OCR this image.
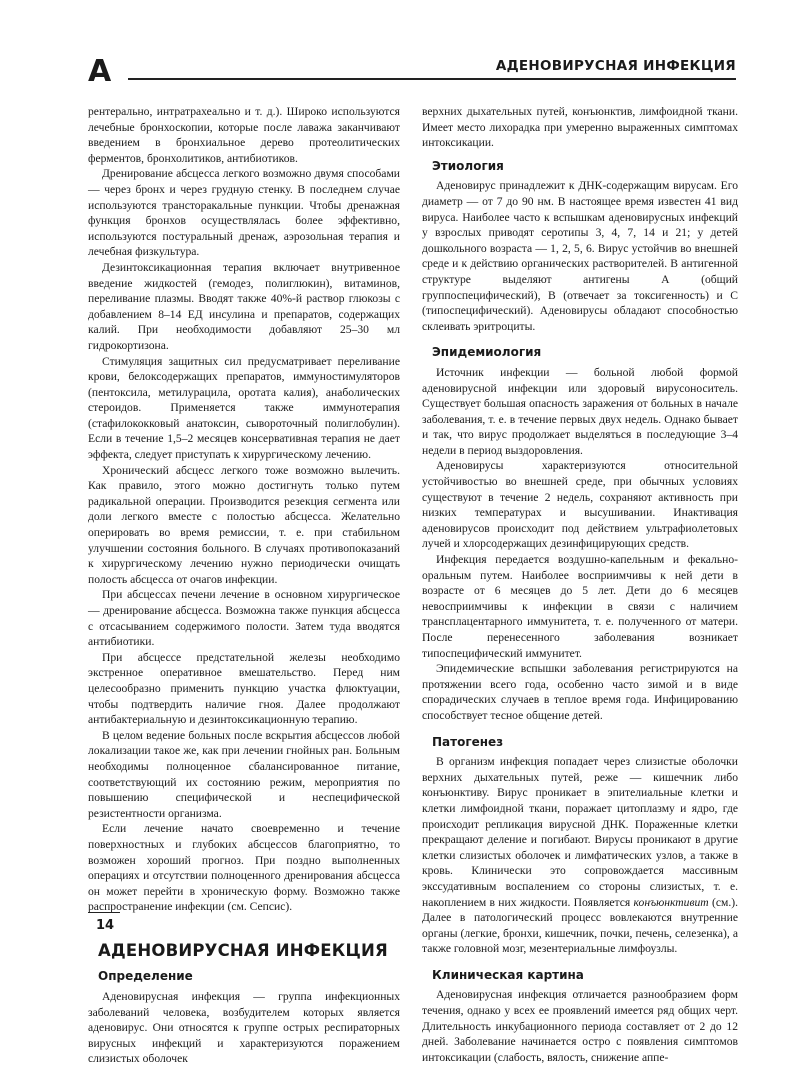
А	АДЕНОВИРУСНАЯ ИНФЕКЦИЯ

рентерально, интратрахеально и т. д.). Широко используются лечебные бронхоскопии, которые после лаважа заканчивают введением в бронхиальное дерево протеолитических ферментов, бронхолитиков, антибиотиков.

Дренирование абсцесса легкого возможно двумя способами — через бронх и через грудную стенку. В последнем случае используются трансторакальные пункции. Чтобы дренажная функция бронхов осуществлялась более эффективно, используются постуральный дренаж, аэрозольная терапия и лечебная физкультура.

Дезинтоксикационная терапия включает внутривенное введение жидкостей (гемодез, полиглюкин), витаминов, переливание плазмы. Вводят также 40%-й раствор глюкозы с добавлением 8–14 ЕД инсулина и препаратов, содержащих калий. При необходимости добавляют 25–30 мл гидрокортизона.

Стимуляция защитных сил предусматривает переливание крови, белоксодержащих препаратов, иммуностимуляторов (пентоксила, метилурацила, оротата калия), анаболических стероидов. Применяется также иммунотерапия (стафилококковый анатоксин, сывороточный полиглобулин). Если в течение 1,5–2 месяцев консервативная терапия не дает эффекта, следует приступать к хирургическому лечению.

Хронический абсцесс легкого тоже возможно вылечить. Как правило, этого можно достигнуть только путем радикальной операции. Производится резекция сегмента или доли легкого вместе с полостью абсцесса. Желательно оперировать во время ремиссии, т. е. при стабильном улучшении состояния больного. В случаях противопоказаний к хирургическому лечению нужно периодически очищать полость абсцесса от очагов инфекции.

При абсцессах печени лечение в основном хирургическое — дренирование абсцесса. Возможна также пункция абсцесса с отсасыванием содержимого полости. Затем туда вводятся антибиотики.

При абсцессе предстательной железы необходимо экстренное оперативное вмешательство. Перед ним целесообразно применить пункцию участка флюктуации, чтобы подтвердить наличие гноя. Далее продолжают антибактериальную и дезинтоксикационную терапию.

В целом ведение больных после вскрытия абсцессов любой локализации такое же, как при лечении гнойных ран. Больным необходимы полноценное сбалансированное питание, соответствующий их состоянию режим, мероприятия по повышению специфической и неспецифической резистентности организма.

Если лечение начато своевременно и течение поверхностных и глубоких абсцессов благоприятно, то возможен хороший прогноз. При поздно выполненных операциях и отсутствии полноценного дренирования абсцесса он может перейти в хроническую форму. Возможно также распространение инфекции (см. Сепсис).

АДЕНОВИРУСНАЯ ИНФЕКЦИЯ
Определение

Аденовирусная инфекция — группа инфекционных заболеваний человека, возбудителем которых является аденовирус. Они относятся к группе острых респираторных вирусных инфекций и характеризуются поражением слизистых оболочек

верхних дыхательных путей, конъюнктив, лимфоидной ткани. Имеет место лихорадка при умеренно выраженных симптомах интоксикации.

Этиология

Аденовирус принадлежит к ДНК-содержащим вирусам. Его диаметр — от 7 до 90 нм. В настоящее время известен 41 вид вируса. Наиболее часто к вспышкам аденовирусных инфекций у взрослых приводят серотипы 3, 4, 7, 14 и 21; у детей дошкольного возраста — 1, 2, 5, 6. Вирус устойчив во внешней среде и к действию органических растворителей. В антигенной структуре выделяют антигены А (общий группоспецифический), В (отвечает за токсигенность) и С (типоспецифический). Аденовирусы обладают способностью склеивать эритроциты.

Эпидемиология

Источник инфекции — больной любой формой аденовирусной инфекции или здоровый вирусоноситель. Существует большая опасность заражения от больных в начале заболевания, т. е. в течение первых двух недель. Однако бывает и так, что вирус продолжает выделяться в последующие 3–4 недели в период выздоровления.

Аденовирусы характеризуются относительной устойчивостью во внешней среде, при обычных условиях существуют в течение 2 недель, сохраняют активность при низких температурах и высушивании. Инактивация аденовирусов происходит под действием ультрафиолетовых лучей и хлорсодержащих дезинфицирующих средств.

Инфекция передается воздушно-капельным и фекально-оральным путем. Наиболее восприимчивы к ней дети в возрасте от 6 месяцев до 5 лет. Дети до 6 месяцев невосприимчивы к инфекции в связи с наличием трансплацентарного иммунитета, т. е. полученного от матери. После перенесенного заболевания возникает типоспецифический иммунитет.

Эпидемические вспышки заболевания регистрируются на протяжении всего года, особенно часто зимой и в виде спорадических случаев в теплое время года. Инфицированию способствует тесное общение детей.

Патогенез

В организм инфекция попадает через слизистые оболочки верхних дыхательных путей, реже — кишечник либо конъюнктиву. Вирус проникает в эпителиальные клетки и клетки лимфоидной ткани, поражает цитоплазму и ядро, где происходит репликация вирусной ДНК. Пораженные клетки прекращают деление и погибают. Вирусы проникают в другие клетки слизистых оболочек и лимфатических узлов, а также в кровь. Клинически это сопровождается массивным экссудативным воспалением со стороны слизистых, т. е. накоплением в них жидкости. Появляется конъюнктивит (см.). Далее в патологический процесс вовлекаются внутренние органы (легкие, бронхи, кишечник, почки, печень, селезенка), а также головной мозг, мезентериальные лимфоузлы.

Клиническая картина

Аденовирусная инфекция отличается разнообразием форм течения, однако у всех ее проявлений имеется ряд общих черт. Длительность инкубационного периода составляет от 2 до 12 дней. Заболевание начинается остро с появления симптомов интоксикации (слабость, вялость, снижение аппе-

14
